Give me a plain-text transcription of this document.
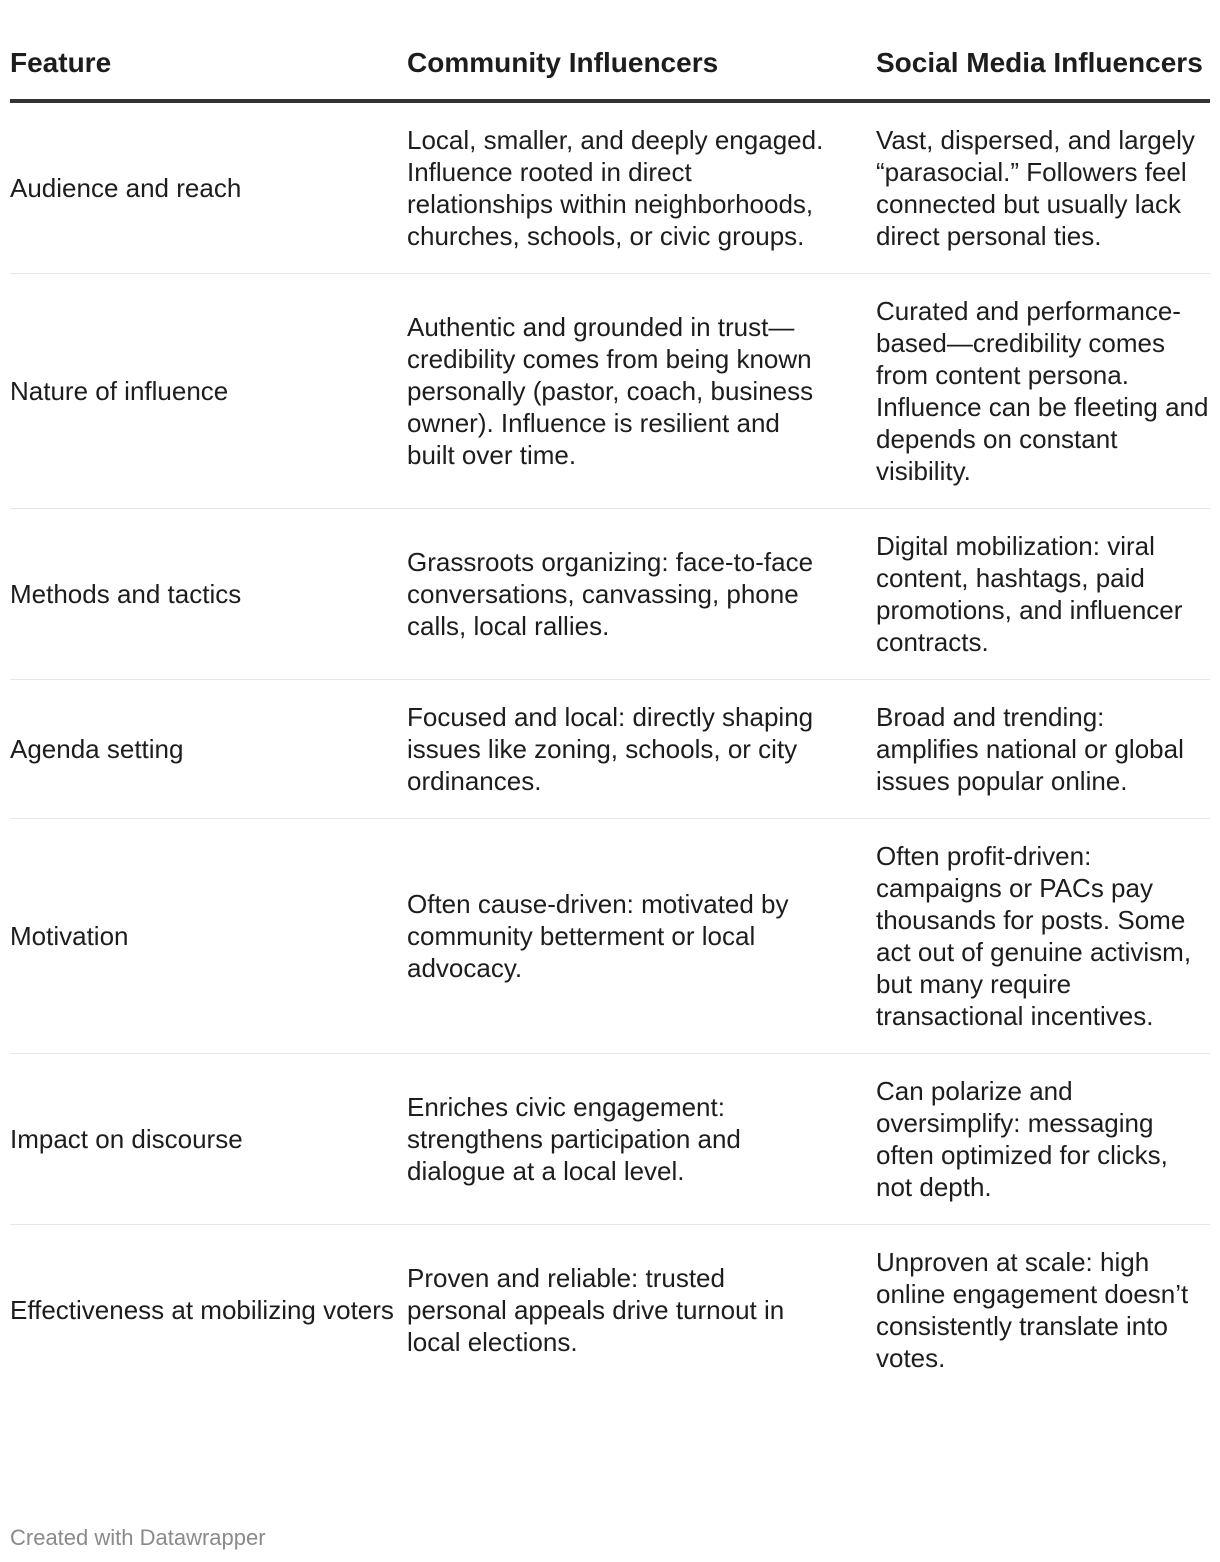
Feature	Community Influencers	Social Media Influencers
Audience and reach	Local, smaller, and deeply engaged. Influence rooted in direct relationships within neighborhoods, churches, schools, or civic groups.	Vast, dispersed, and largely “parasocial.” Followers feel connected but usually lack direct personal ties.
Nature of influence	Authentic and grounded in trust—credibility comes from being known personally (pastor, coach, business owner). Influence is resilient and built over time.	Curated and performance-based—credibility comes from content persona. Influence can be fleeting and depends on constant visibility.
Methods and tactics	Grassroots organizing: face-to-face conversations, canvassing, phone calls, local rallies.	Digital mobilization: viral content, hashtags, paid promotions, and influencer contracts.
Agenda setting	Focused and local: directly shaping issues like zoning, schools, or city ordinances.	Broad and trending: amplifies national or global issues popular online.
Motivation	Often cause-driven: motivated by community betterment or local advocacy.	Often profit-driven: campaigns or PACs pay thousands for posts. Some act out of genuine activism, but many require transactional incentives.
Impact on discourse	Enriches civic engagement: strengthens participation and dialogue at a local level.	Can polarize and oversimplify: messaging often optimized for clicks, not depth.
Effectiveness at mobilizing voters	Proven and reliable: trusted personal appeals drive turnout in local elections.	Unproven at scale: high online engagement doesn’t consistently translate into votes.
Created with Datawrapper
